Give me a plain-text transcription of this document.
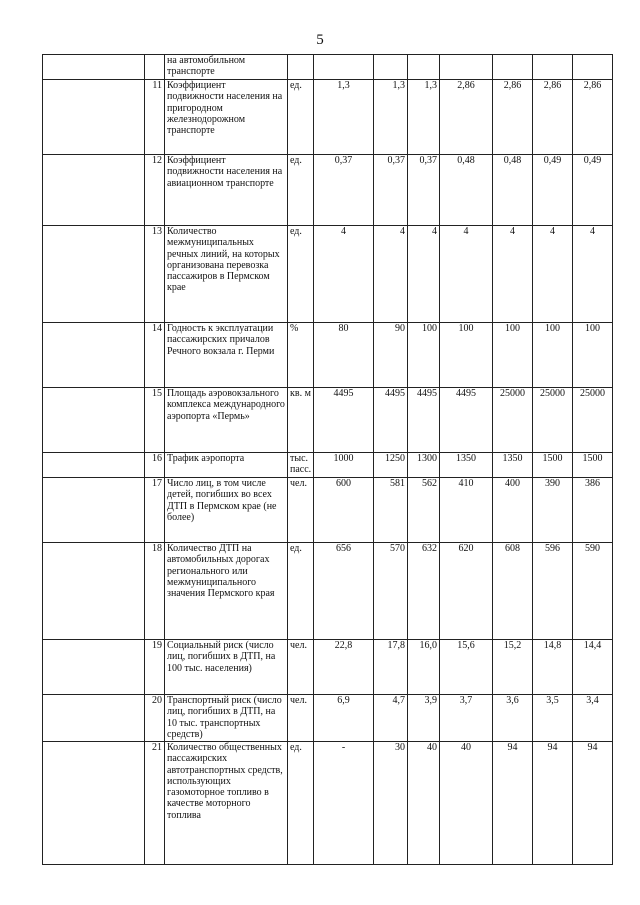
5
		на автомобильном транспорте								
	11	Коэффициент подвижности населения на пригородном железнодорожном транспорте	ед.	1,3	1,3	1,3	2,86	2,86	2,86	2,86
	12	Коэффициент подвижности населения на авиационном транспорте	ед.	0,37	0,37	0,37	0,48	0,48	0,49	0,49
	13	Количество межмуниципальных речных линий, на которых организована перевозка пассажиров в Пермском крае	ед.	4	4	4	4	4	4	4
	14	Годность к эксплуатации пассажирских причалов Речного вокзала г. Перми	%	80	90	100	100	100	100	100
	15	Площадь аэровокзального комплекса международного аэропорта «Пермь»	кв. м	4495	4495	4495	4495	25000	25000	25000
	16	Трафик аэропорта	тыс. пасс.	1000	1250	1300	1350	1350	1500	1500
	17	Число лиц, в том числе детей, погибших во всех ДТП в Пермском крае (не более)	чел.	600	581	562	410	400	390	386
	18	Количество ДТП на автомобильных дорогах регионального или межмуниципального значения Пермского края	ед.	656	570	632	620	608	596	590
	19	Социальный риск (число лиц, погибших в ДТП, на 100 тыс. населения)	чел.	22,8	17,8	16,0	15,6	15,2	14,8	14,4
	20	Транспортный риск (число лиц, погибших в ДТП, на 10 тыс. транспортных средств)	чел.	6,9	4,7	3,9	3,7	3,6	3,5	3,4
	21	Количество общественных пассажирских автотранспортных средств, использующих газомоторное топливо в качестве моторного топлива	ед.	-	30	40	40	94	94	94
